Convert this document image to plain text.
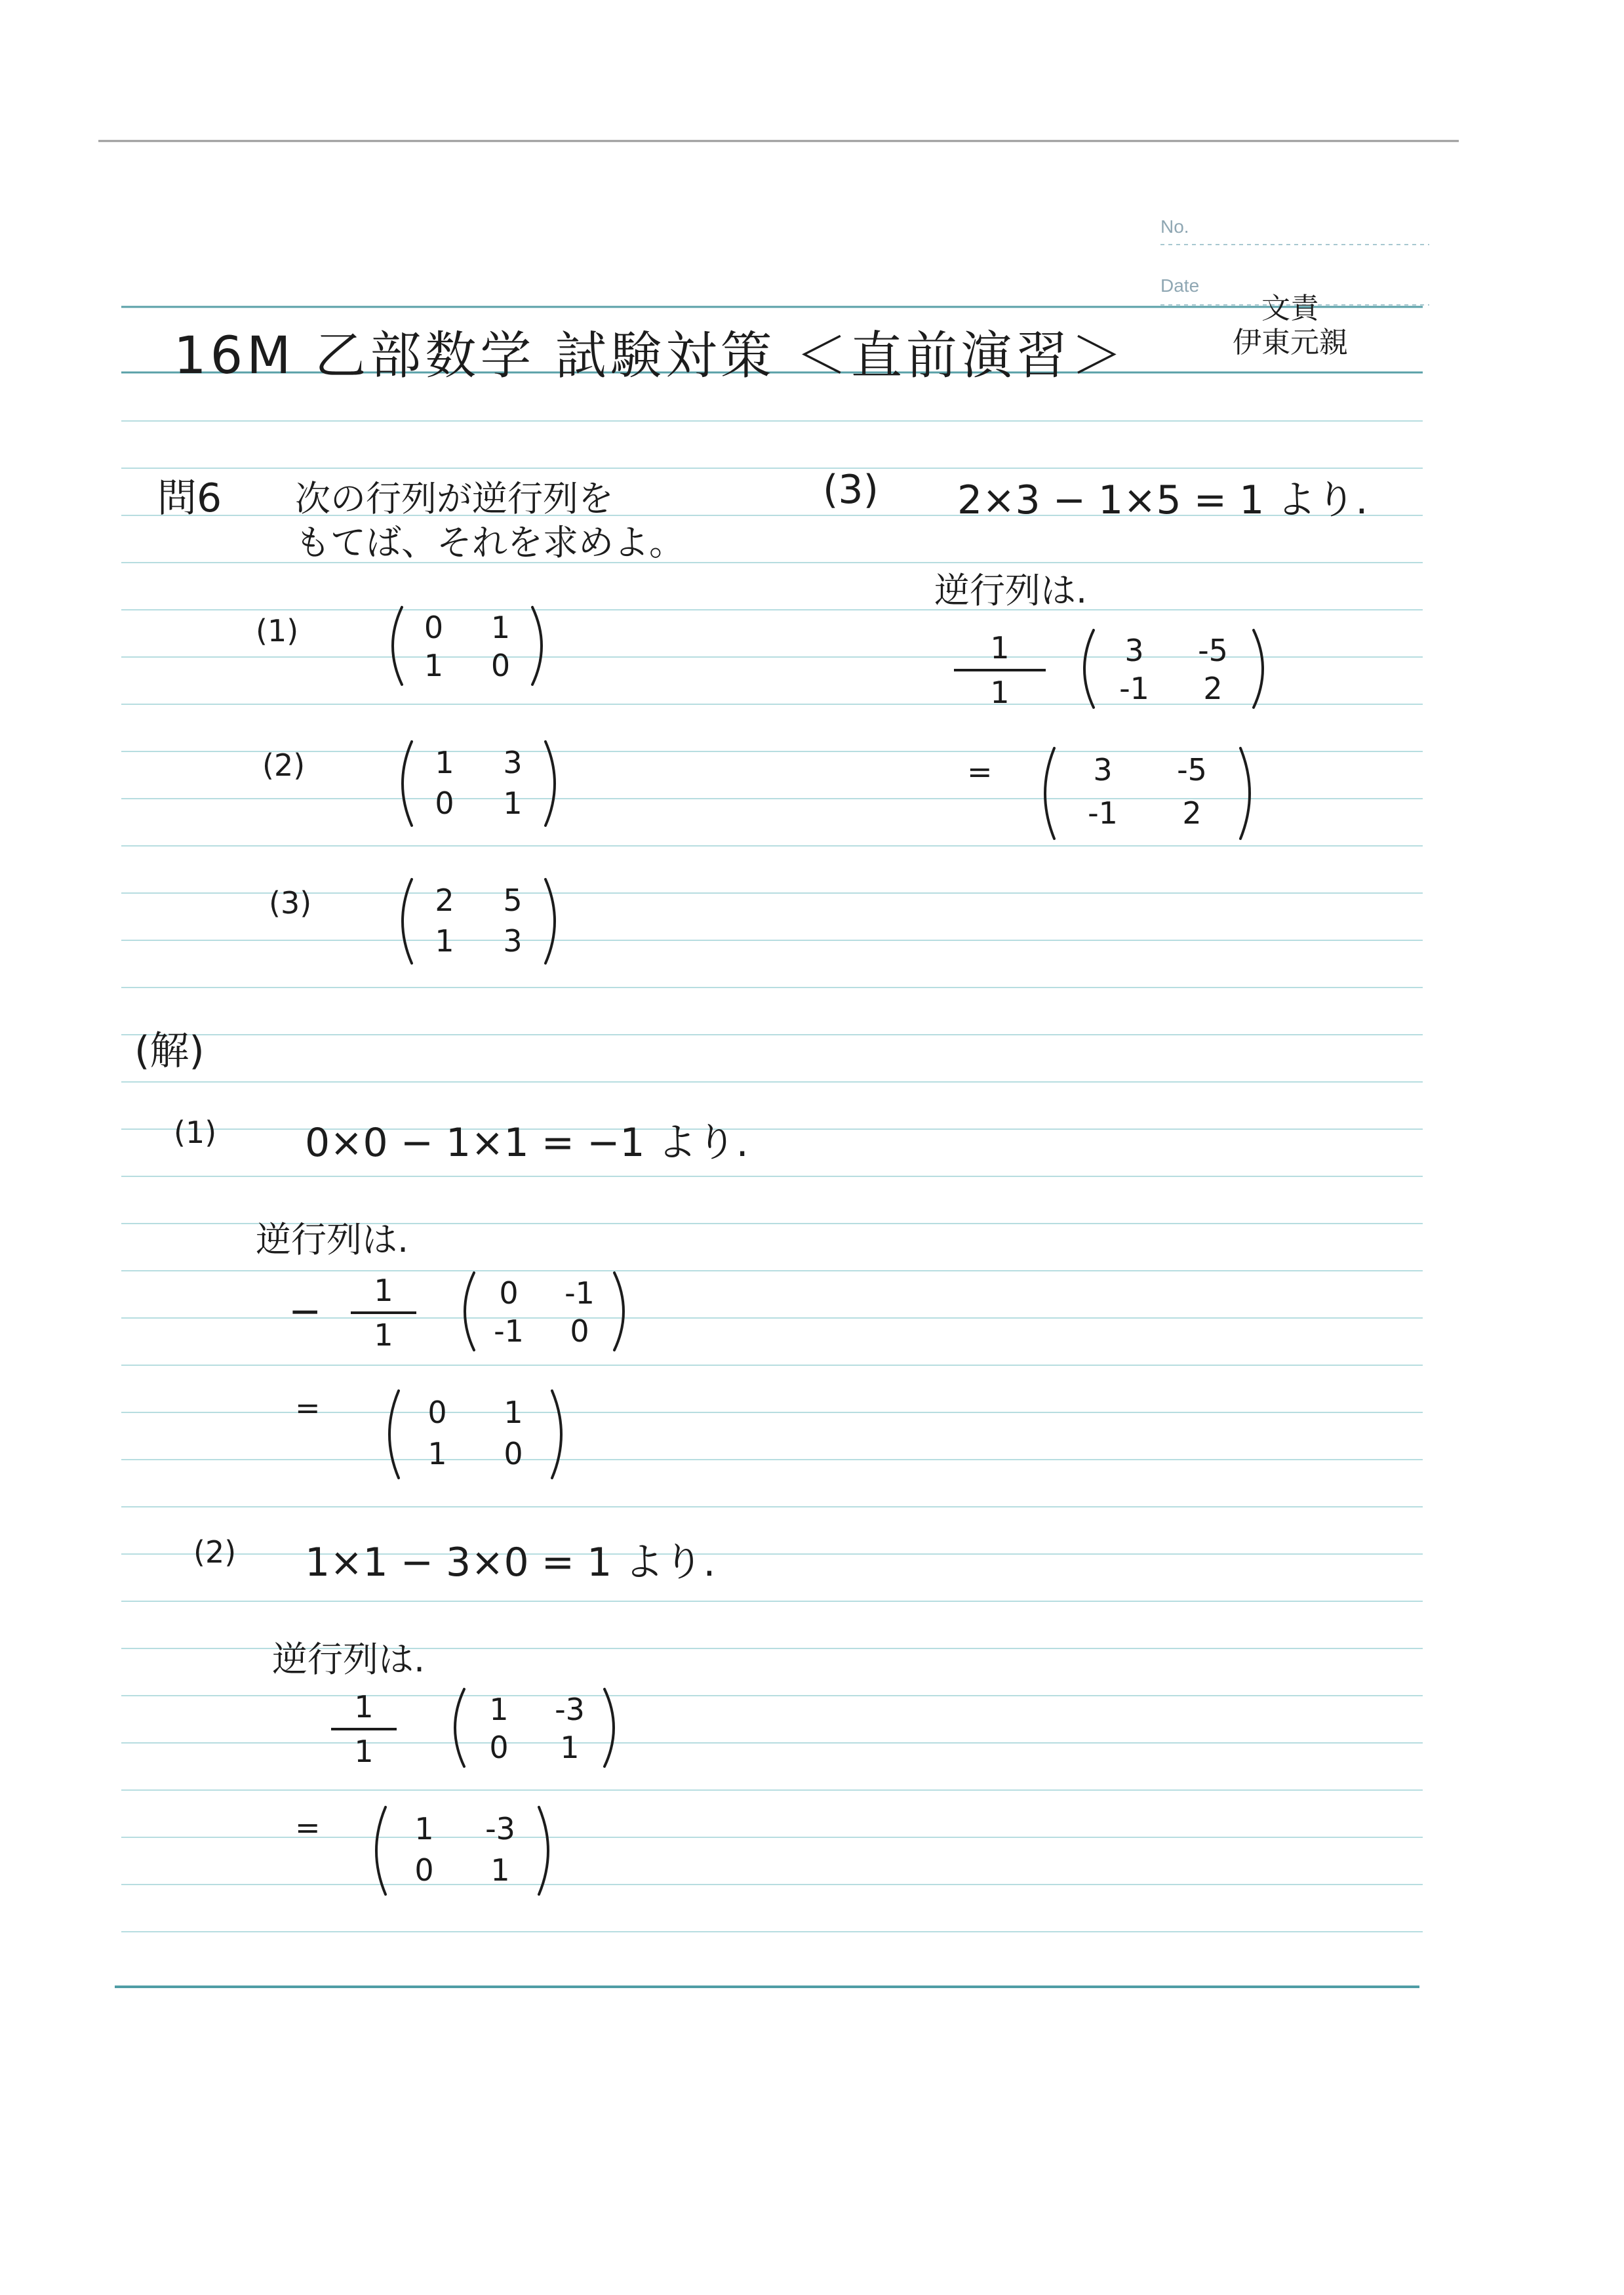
No.
Date
16M 乙部数学 試験対策 ＜直前演習＞
文責
伊東元親
問6 次の行列が逆行列を
もてば、それを求めよ。
(1)	0	1
1	0
(2)	1	3
0	1
(3)	2	5
1	3
(解)
(1) 0×0 − 1×1 = −1 より.
逆行列は.
−	1
1
0	-1
-1	0
=	0	1
1	0
(2) 1×1 − 3×0 = 1 より.
逆行列は.
1
1
1	-3
0	1
=	1	-3
0	1
(3) 2×3 − 1×5 = 1 より.
逆行列は.
1
1
3	-5
-1	2
=	3	-5
-1	2
